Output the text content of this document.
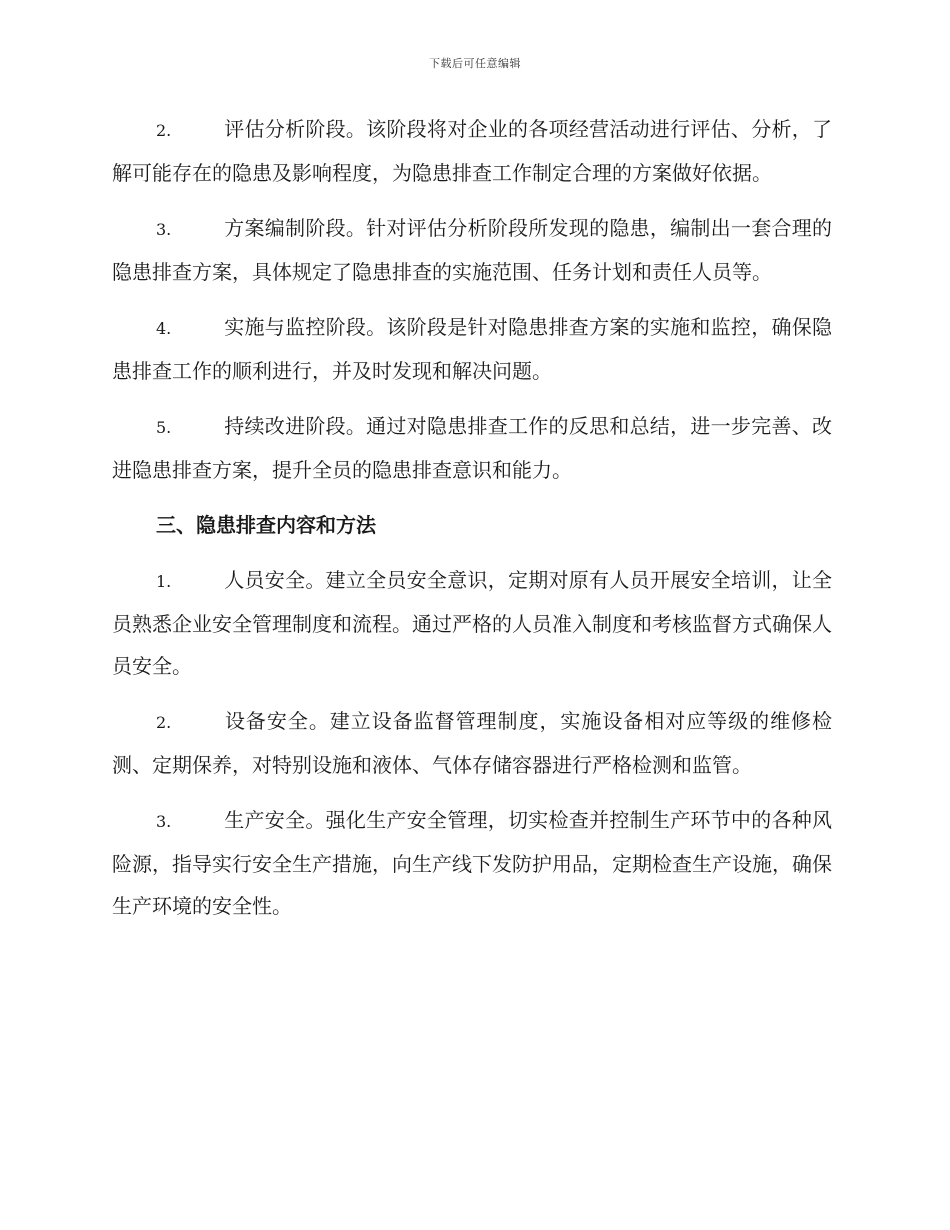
下载后可任意编辑

2.	评估分析阶段。该阶段将对企业的各项经营活动进行评估、分析，了解可能存在的隐患及影响程度，为隐患排查工作制定合理的方案做好依据。

3.	方案编制阶段。针对评估分析阶段所发现的隐患，编制出一套合理的隐患排查方案，具体规定了隐患排查的实施范围、任务计划和责任人员等。

4.	实施与监控阶段。该阶段是针对隐患排查方案的实施和监控，确保隐患排查工作的顺利进行，并及时发现和解决问题。

5.	持续改进阶段。通过对隐患排查工作的反思和总结，进一步完善、改进隐患排查方案，提升全员的隐患排查意识和能力。

三、隐患排查内容和方法

1.	人员安全。建立全员安全意识，定期对原有人员开展安全培训，让全员熟悉企业安全管理制度和流程。通过严格的人员准入制度和考核监督方式确保人员安全。

2.	设备安全。建立设备监督管理制度，实施设备相对应等级的维修检测、定期保养，对特别设施和液体、气体存储容器进行严格检测和监管。

3.	生产安全。强化生产安全管理，切实检查并控制生产环节中的各种风险源，指导实行安全生产措施，向生产线下发防护用品，定期检查生产设施，确保生产环境的安全性。
